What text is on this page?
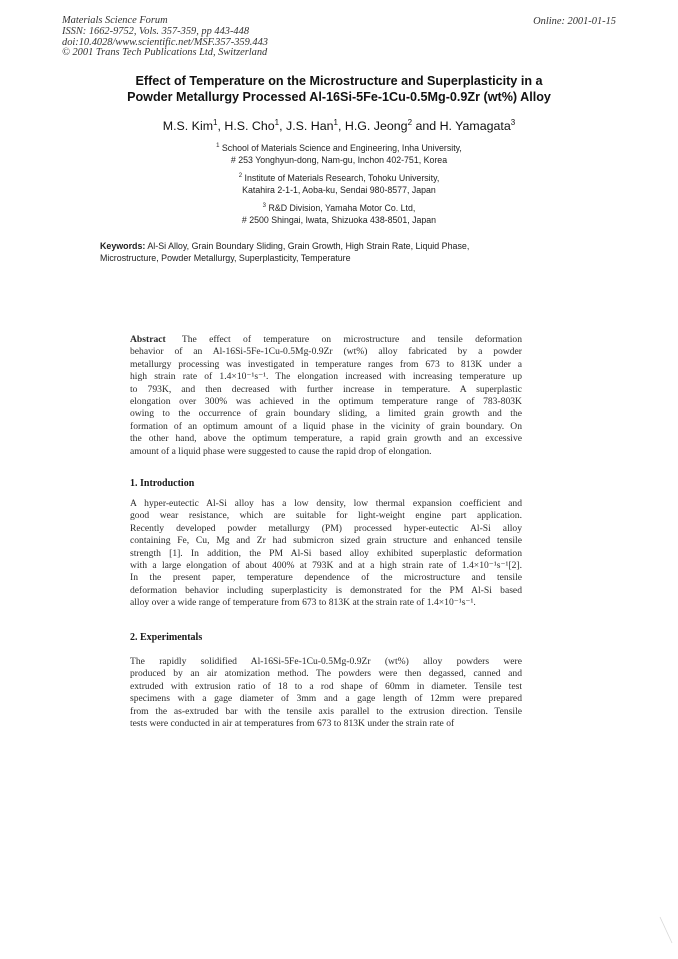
Materials Science Forum
ISSN: 1662-9752, Vols. 357-359, pp 443-448
doi:10.4028/www.scientific.net/MSF.357-359.443
© 2001 Trans Tech Publications Ltd, Switzerland
Online: 2001-01-15
Effect of Temperature on the Microstructure and Superplasticity in a
Powder Metallurgy Processed Al-16Si-5Fe-1Cu-0.5Mg-0.9Zr (wt%) Alloy
M.S. Kim$^1$, H.S. Cho$^1$, J.S. Han$^1$, H.G. Jeong$^2$ and H. Yamagata$^3$
$^1$ School of Materials Science and Engineering, Inha University,
# 253 Yonghyun-dong, Nam-gu, Inchon 402-751, Korea
$^2$ Institute of Materials Research, Tohoku University,
Katahira 2-1-1, Aoba-ku, Sendai 980-8577, Japan
$^3$ R&D Division, Yamaha Motor Co. Ltd,
# 2500 Shingai, Iwata, Shizuoka 438-8501, Japan
Keywords: Al-Si Alloy, Grain Boundary Sliding, Grain Growth, High Strain Rate, Liquid Phase,
Microstructure, Powder Metallurgy, Superplasticity, Temperature
Abstract The effect of temperature on microstructure and tensile deformation
behavior of an Al-16Si-5Fe-1Cu-0.5Mg-0.9Zr (wt%) alloy fabricated by a powder
metallurgy processing was investigated in temperature ranges from 673 to 813K under a
high strain rate of 1.4×10⁻¹s⁻¹. The elongation increased with increasing temperature up
to 793K, and then decreased with further increase in temperature. A superplastic
elongation over 300% was achieved in the optimum temperature range of 783-803K
owing to the occurrence of grain boundary sliding, a limited grain growth and the
formation of an optimum amount of a liquid phase in the vicinity of grain boundary. On
the other hand, above the optimum temperature, a rapid grain growth and an excessive
amount of a liquid phase were suggested to cause the rapid drop of elongation.
1. Introduction
A hyper-eutectic Al-Si alloy has a low density, low thermal expansion coefficient and
good wear resistance, which are suitable for light-weight engine part application.
Recently developed powder metallurgy (PM) processed hyper-eutectic Al-Si alloy
containing Fe, Cu, Mg and Zr had submicron sized grain structure and enhanced tensile
strength [1]. In addition, the PM Al-Si based alloy exhibited superplastic deformation
with a large elongation of about 400% at 793K and at a high strain rate of 1.4×10⁻¹s⁻¹[2].
In the present paper, temperature dependence of the microstructure and tensile
deformation behavior including superplasticity is demonstrated for the PM Al-Si based
alloy over a wide range of temperature from 673 to 813K at the strain rate of 1.4×10⁻¹s⁻¹.
2. Experimentals
The rapidly solidified Al-16Si-5Fe-1Cu-0.5Mg-0.9Zr (wt%) alloy powders were
produced by an air atomization method. The powders were then degassed, canned and
extruded with extrusion ratio of 18 to a rod shape of 60mm in diameter. Tensile test
specimens with a gage diameter of 3mm and a gage length of 12mm were prepared
from the as-extruded bar with the tensile axis parallel to the extrusion direction. Tensile
tests were conducted in air at temperatures from 673 to 813K under the strain rate of
